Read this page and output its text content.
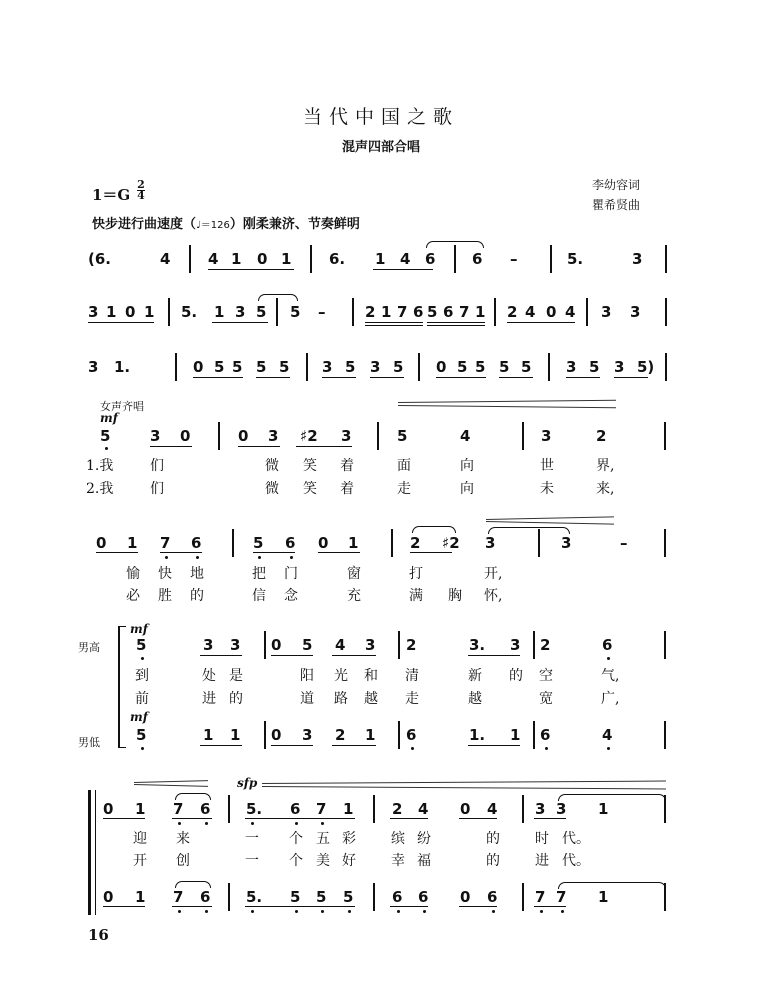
当代中国之歌
混声四部合唱
李幼容词
瞿希贤曲
1＝G
2
4
快步进行曲速度（♩＝126）刚柔兼济、节奏鲜明
(6.	4	4 1 0 1	6. 1 4 6 6 –	5.	3
3 1 0 1 5. 1 3 5 5 –	2 1 7 6 5 6 7 1 2 4 0 4 3 3
3 1.	0 5 5 5 5 3 5 3 5 0 5 5 5 5 3 5 3 5)
女声齐唱
mf
5	3 0	0 3 ♯2 3	5	4	3	2
1.我	们	微 笑 着	面	向	世	界,
2.我	们	微 笑 着	走	向	未	来,
0 1 7 6	5 6 0 1	2 ♯2 3	3	–
愉 快 地	把 门	窗	打	开,
必 胜 的	信 念	充	满 胸 怀,
男高
男低
mf
mf
5	3 3 0 5 4 3 2	3. 3 2	6
到	处 是	阳 光 和 清	新 的 空	气,
前	进 的	道 路 越 走	越	宽	广,
5	1 1 0 3 2 1 6	1. 1 6	4
sfp
0 1 7 6 5. 6 7 1	2 4 0 4	3 3 1
迎 来	一 个 五 彩	缤 纷	的	时 代。
开 创	一 个 美 好	幸 福	的	进 代。
0 1 7 6 5. 5 5 5	6 6 0 6	7 7 1
16
